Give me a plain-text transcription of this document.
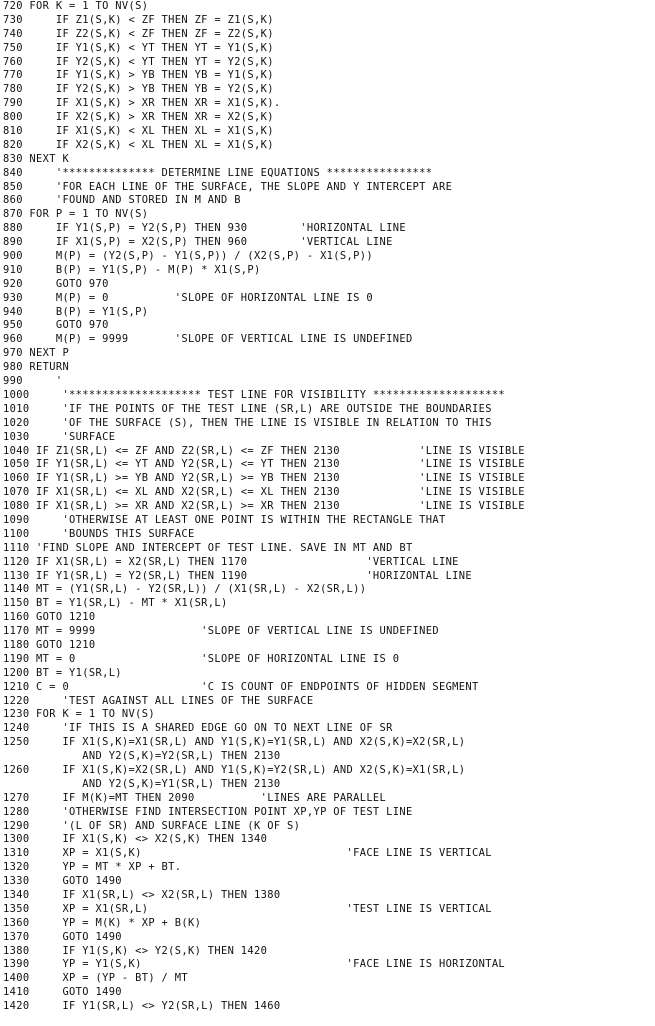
720 FOR K = 1 TO NV(S)
730     IF Z1(S,K) < ZF THEN ZF = Z1(S,K)
740     IF Z2(S,K) < ZF THEN ZF = Z2(S,K)
750     IF Y1(S,K) < YT THEN YT = Y1(S,K)
760     IF Y2(S,K) < YT THEN YT = Y2(S,K)
770     IF Y1(S,K) > YB THEN YB = Y1(S,K)
780     IF Y2(S,K) > YB THEN YB = Y2(S,K)
790     IF X1(S,K) > XR THEN XR = X1(S,K).
800     IF X2(S,K) > XR THEN XR = X2(S,K)
810     IF X1(S,K) < XL THEN XL = X1(S,K)
820     IF X2(S,K) < XL THEN XL = X1(S,K)
830 NEXT K
840     '************** DETERMINE LINE EQUATIONS ****************
850     'FOR EACH LINE OF THE SURFACE, THE SLOPE AND Y INTERCEPT ARE
860     'FOUND AND STORED IN M AND B
870 FOR P = 1 TO NV(S)
880     IF Y1(S,P) = Y2(S,P) THEN 930        'HORIZONTAL LINE
890     IF X1(S,P) = X2(S,P) THEN 960        'VERTICAL LINE
900     M(P) = (Y2(S,P) - Y1(S,P)) / (X2(S,P) - X1(S,P))
910     B(P) = Y1(S,P) - M(P) * X1(S,P)
920     GOTO 970
930     M(P) = 0          'SLOPE OF HORIZONTAL LINE IS 0
940     B(P) = Y1(S,P)
950     GOTO 970
960     M(P) = 9999       'SLOPE OF VERTICAL LINE IS UNDEFINED
970 NEXT P
980 RETURN
990     '
1000     '******************** TEST LINE FOR VISIBILITY ********************
1010     'IF THE POINTS OF THE TEST LINE (SR,L) ARE OUTSIDE THE BOUNDARIES
1020     'OF THE SURFACE (S), THEN THE LINE IS VISIBLE IN RELATION TO THIS
1030     'SURFACE
1040 IF Z1(SR,L) <= ZF AND Z2(SR,L) <= ZF THEN 2130            'LINE IS VISIBLE
1050 IF Y1(SR,L) <= YT AND Y2(SR,L) <= YT THEN 2130            'LINE IS VISIBLE
1060 IF Y1(SR,L) >= YB AND Y2(SR,L) >= YB THEN 2130            'LINE IS VISIBLE
1070 IF X1(SR,L) <= XL AND X2(SR,L) <= XL THEN 2130            'LINE IS VISIBLE
1080 IF X1(SR,L) >= XR AND X2(SR,L) >= XR THEN 2130            'LINE IS VISIBLE
1090     'OTHERWISE AT LEAST ONE POINT IS WITHIN THE RECTANGLE THAT
1100     'BOUNDS THIS SURFACE
1110 'FIND SLOPE AND INTERCEPT OF TEST LINE. SAVE IN MT AND BT
1120 IF X1(SR,L) = X2(SR,L) THEN 1170                  'VERTICAL LINE
1130 IF Y1(SR,L) = Y2(SR,L) THEN 1190                  'HORIZONTAL LINE
1140 MT = (Y1(SR,L) - Y2(SR,L)) / (X1(SR,L) - X2(SR,L))
1150 BT = Y1(SR,L) - MT * X1(SR,L)
1160 GOTO 1210
1170 MT = 9999                'SLOPE OF VERTICAL LINE IS UNDEFINED
1180 GOTO 1210
1190 MT = 0                   'SLOPE OF HORIZONTAL LINE IS 0
1200 BT = Y1(SR,L)
1210 C = 0                    'C IS COUNT OF ENDPOINTS OF HIDDEN SEGMENT
1220     'TEST AGAINST ALL LINES OF THE SURFACE
1230 FOR K = 1 TO NV(S)
1240     'IF THIS IS A SHARED EDGE GO ON TO NEXT LINE OF SR
1250     IF X1(S,K)=X1(SR,L) AND Y1(S,K)=Y1(SR,L) AND X2(S,K)=X2(SR,L)
AND Y2(S,K)=Y2(SR,L) THEN 2130
1260     IF X1(S,K)=X2(SR,L) AND Y1(S,K)=Y2(SR,L) AND X2(S,K)=X1(SR,L)
AND Y2(S,K)=Y1(SR,L) THEN 2130
1270     IF M(K)=MT THEN 2090          'LINES ARE PARALLEL
1280     'OTHERWISE FIND INTERSECTION POINT XP,YP OF TEST LINE
1290     '(L OF SR) AND SURFACE LINE (K OF S)
1300     IF X1(S,K) <> X2(S,K) THEN 1340
1310     XP = X1(S,K)                               'FACE LINE IS VERTICAL
1320     YP = MT * XP + BT.
1330     GOTO 1490
1340     IF X1(SR,L) <> X2(SR,L) THEN 1380
1350     XP = X1(SR,L)                              'TEST LINE IS VERTICAL
1360     YP = M(K) * XP + B(K)
1370     GOTO 1490
1380     IF Y1(S,K) <> Y2(S,K) THEN 1420
1390     YP = Y1(S,K)                               'FACE LINE IS HORIZONTAL
1400     XP = (YP - BT) / MT
1410     GOTO 1490
1420     IF Y1(SR,L) <> Y2(SR,L) THEN 1460
